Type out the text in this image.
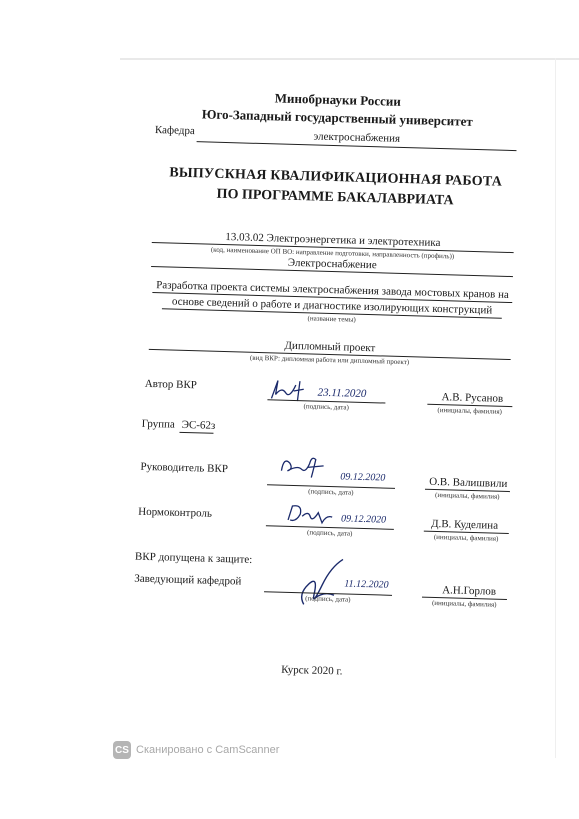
Минобрнауки России
Юго-Западный государственный университет
Кафедра	электроснабжения
ВЫПУСКНАЯ КВАЛИФИКАЦИОННАЯ РАБОТА
ПО ПРОГРАММЕ БАКАЛАВРИАТА
13.03.02 Электроэнергетика и электротехника
(код, наименование ОП ВО: направление подготовки, направленность (профиль))
Электроснабжение
Разработка проекта системы электроснабжения завода мостовых кранов на
основе сведений о работе и диагностике изолирующих конструкций
(название темы)
Дипломный проект
(вид ВКР: дипломная работа или дипломный проект)
Автор ВКР
23.11.2020
(подпись, дата)
А.В. Русанов
(инициалы, фамилия)
Группа ЭС-62з
Руководитель ВКР
09.12.2020
(подпись, дата)
О.В. Валишвили
(инициалы, фамилия)
Нормоконтроль	09.12.2020
(подпись, дата)
Д.В. Куделина
(инициалы, фамилия)
ВКР допущена к защите:
Заведующий кафедрой	11.12.2020
(подпись, дата)
А.Н.Горлов
(инициалы, фамилия)
Курск 2020 г.
CS Сканировано с CamScanner
